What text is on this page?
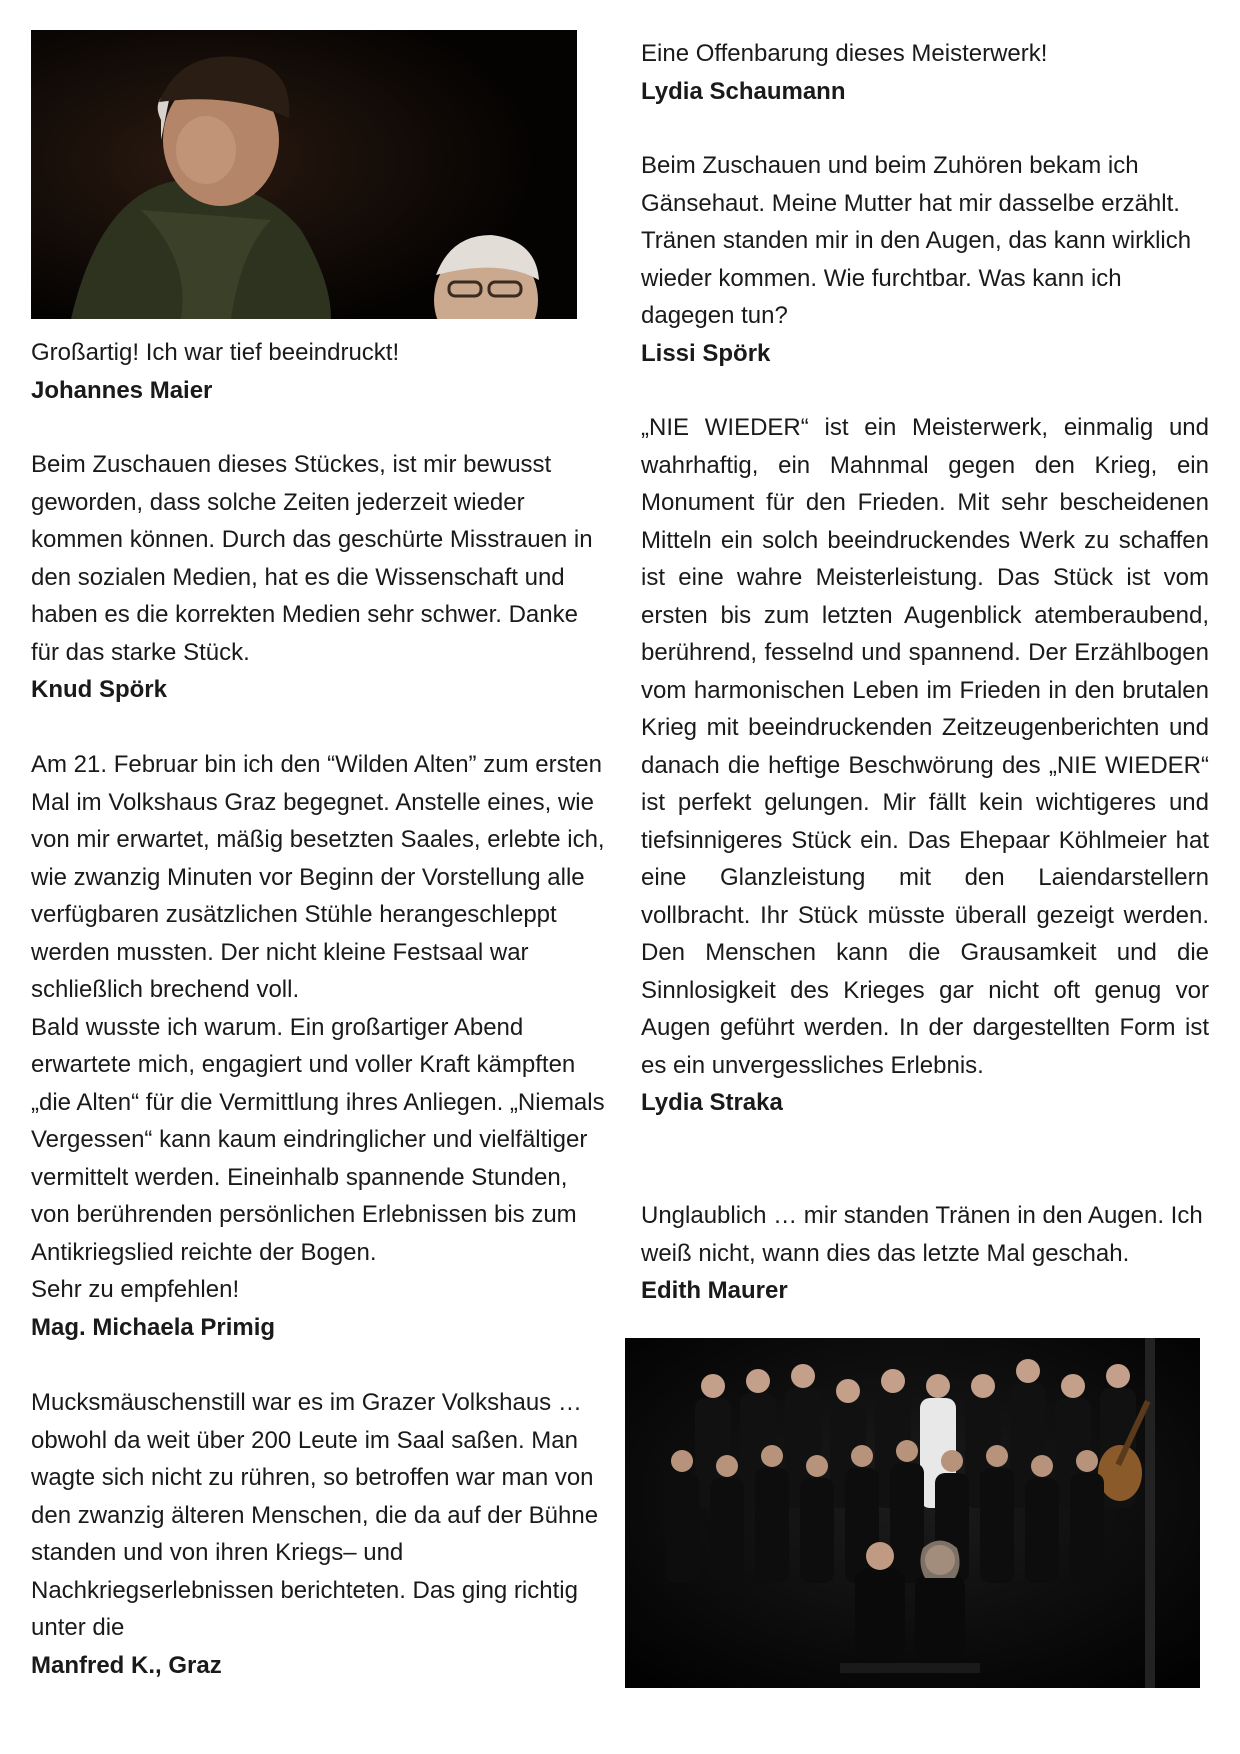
Großartig! Ich war tief beeindruckt!

Johannes Maier

Beim Zuschauen dieses Stückes, ist mir bewusst geworden, dass solche Zeiten jederzeit wieder kommen können. Durch das geschürte Misstrauen in den sozialen Medien, hat es die Wissenschaft und haben es die korrekten Medien sehr schwer. Danke für das starke Stück.

Knud Spörk

Am 21. Februar bin ich den “Wilden Alten” zum ersten Mal im Volkshaus Graz begegnet. Anstelle eines, wie von mir erwartet, mäßig besetzten Saales, erlebte ich, wie zwanzig Minuten vor Beginn der Vorstellung alle verfügbaren zusätzlichen Stühle herangeschleppt werden mussten. Der nicht kleine Festsaal war schließlich brechend voll.

Bald wusste ich warum. Ein großartiger Abend erwartete mich, engagiert und voller Kraft kämpften „die Alten“ für die Vermittlung ihres Anliegen. „Niemals Vergessen“ kann kaum eindringlicher und vielfältiger vermittelt werden. Eineinhalb spannende Stunden, von berührenden persönlichen Erlebnissen bis zum Antikriegslied reichte der Bogen.

Sehr zu empfehlen!

Mag. Michaela Primig

Mucksmäuschenstill war es im Grazer Volkshaus … obwohl da weit über 200 Leute im Saal saßen. Man wagte sich nicht zu rühren, so betroffen war man von den zwanzig älteren Menschen, die da auf der Bühne standen und von ihren Kriegs– und Nachkriegserlebnissen berichteten. Das ging richtig unter die

Manfred K., Graz

Eine Offenbarung dieses Meisterwerk!

Lydia Schaumann

Beim Zuschauen und beim Zuhören bekam ich Gänsehaut. Meine Mutter hat mir dasselbe erzählt. Tränen standen mir in den Augen, das kann wirklich wieder kommen. Wie furchtbar. Was kann ich dagegen tun?

Lissi Spörk

„NIE WIEDER“ ist ein Meisterwerk, einmalig und wahrhaftig, ein Mahnmal gegen den Krieg, ein Monument für den Frieden. Mit sehr bescheidenen Mitteln ein solch beeindruckendes Werk zu schaffen ist eine wahre Meisterleistung. Das Stück ist vom ersten bis zum letzten Augenblick atemberaubend, berührend, fesselnd und spannend. Der Erzählbogen vom harmonischen Leben im Frieden in den brutalen Krieg mit beeindruckenden Zeitzeugenberichten und danach die heftige Beschwörung des „NIE WIEDER“ ist perfekt gelungen. Mir fällt kein wichtigeres und tiefsinnigeres Stück ein. Das Ehepaar Köhlmeier hat eine Glanzleistung mit den Laiendarstellern vollbracht. Ihr Stück müsste überall gezeigt werden. Den Menschen kann die Grausamkeit und die Sinnlosigkeit des Krieges gar nicht oft genug vor Augen geführt werden. In der dargestellten Form ist es ein unvergessliches Erlebnis.

Lydia Straka

Unglaublich … mir standen Tränen in den Augen. Ich weiß nicht, wann dies das letzte Mal geschah.

Edith Maurer
